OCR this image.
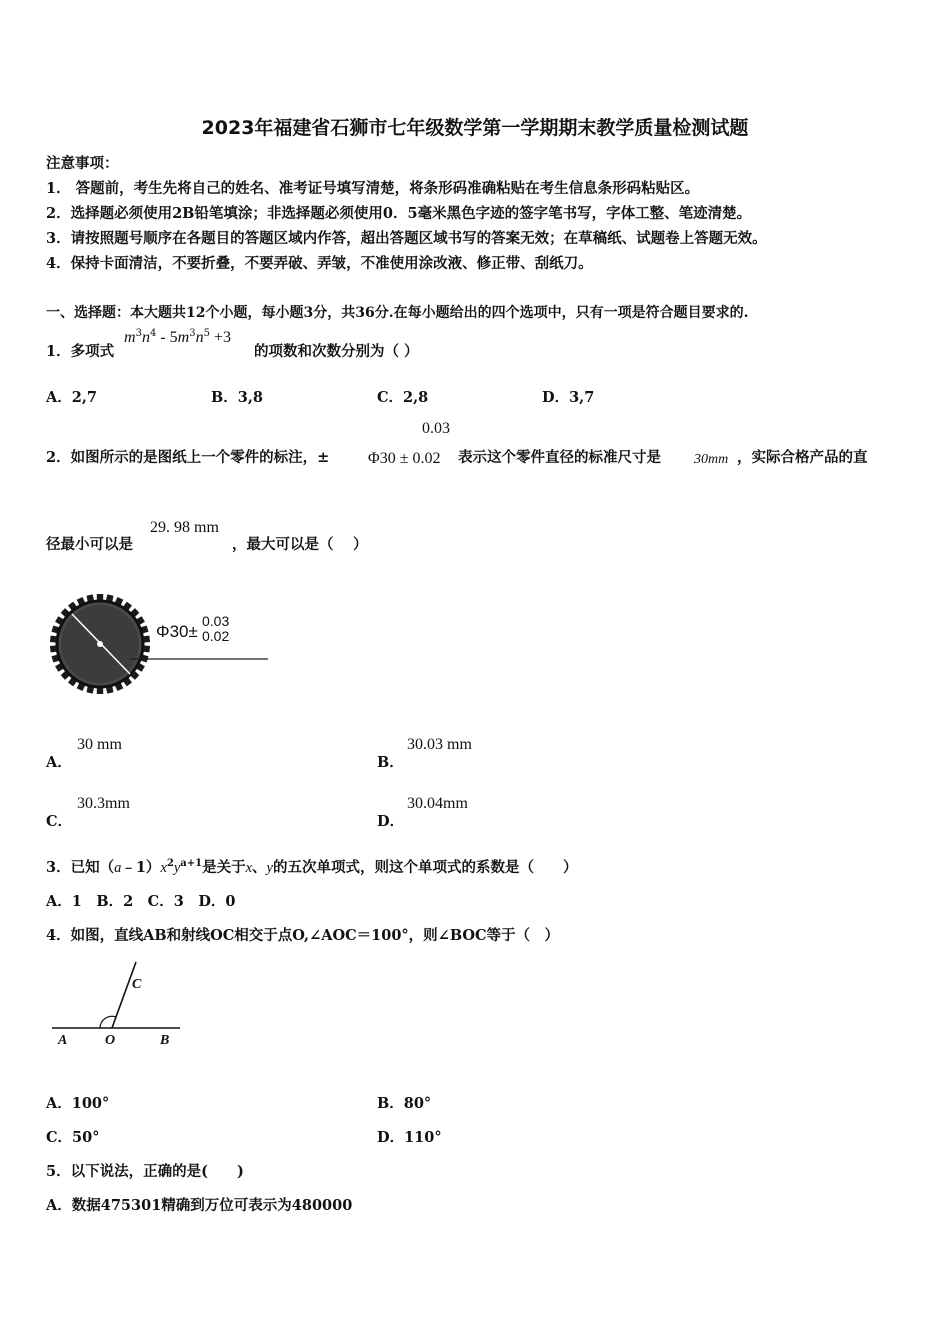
2023年福建省石狮市七年级数学第一学期期末教学质量检测试题
注意事项：
1． 答题前，考生先将自己的姓名、准考证号填写清楚，将条形码准确粘贴在考生信息条形码粘贴区。
2．选择题必须使用2B铅笔填涂；非选择题必须使用0．5毫米黑色字迹的签字笔书写，字体工整、笔迹清楚。
3．请按照题号顺序在各题目的答题区域内作答，超出答题区域书写的答案无效；在草稿纸、试题卷上答题无效。
4．保持卡面清洁，不要折叠，不要弄破、弄皱，不准使用涂改液、修正带、刮纸刀。
一、选择题：本大题共12个小题，每小题3分，共36分.在每小题给出的四个选项中，只有一项是符合题目要求的.
1．多项式
$m^3n^4 - 5m^3n^5 +3$
的项数和次数分别为（ ）
A．2,7	B．3,8	C．2,8	D．3,7
0.03
2．如图所示的是图纸上一个零件的标注，± Φ30 ± 0.02 表示这个零件直径的标准尺寸是 30mm ，实际合格产品的直
径最小可以是
29. 98 mm
，最大可以是（　 ）
Φ30±
0.03
0.02
A．
30 mm
B．
30.03 mm
C．
30.3mm
D．
30.04mm
3．已知$(a﹣1)x^2y^{a+1}$是关于x、y的五次单项式，则这个单项式的系数是（　　）
A．1　B．2　C．3　D．0
4．如图，直线AB和射线OC相交于点O,∠AOC＝100°，则∠BOC等于（　）
A	O	B
C
A．100°	B．80°
C．50°	D．110°
5．以下说法，正确的是(　　)
A．数据475301精确到万位可表示为480000
